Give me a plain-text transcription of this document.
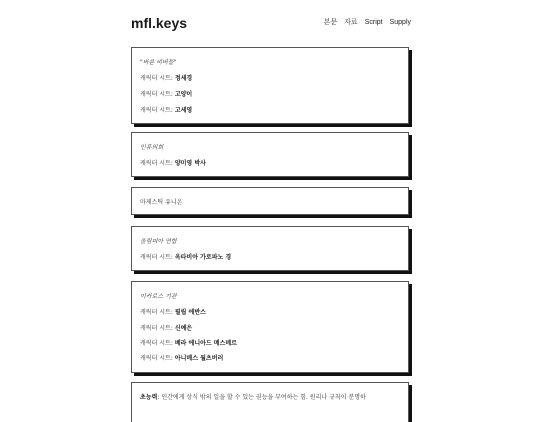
mfl.keys	본문 자료 Script Supply
"바른 비버들"
캐릭터 시트: 정세경
캐릭터 시트: 고양이
캐릭터 시트: 고세영
인류의회
캐릭터 시트: 양미영 박사
마제스틱 유니온
올림피아 연합
캐릭터 시트: 옥타비아 가로파노 경
이카로스 기관
캐릭터 시트: 필립 에반스
캐릭터 시트: 신예은
캐릭터 시트: 베라 에니아드 메스메르
캐릭터 시트: 아니메스 월츠버러
초능력: 인간에게 상식 밖의 일을 할 수 있는 권능을 부여하는 힘. 원리나 규칙이 분명하
